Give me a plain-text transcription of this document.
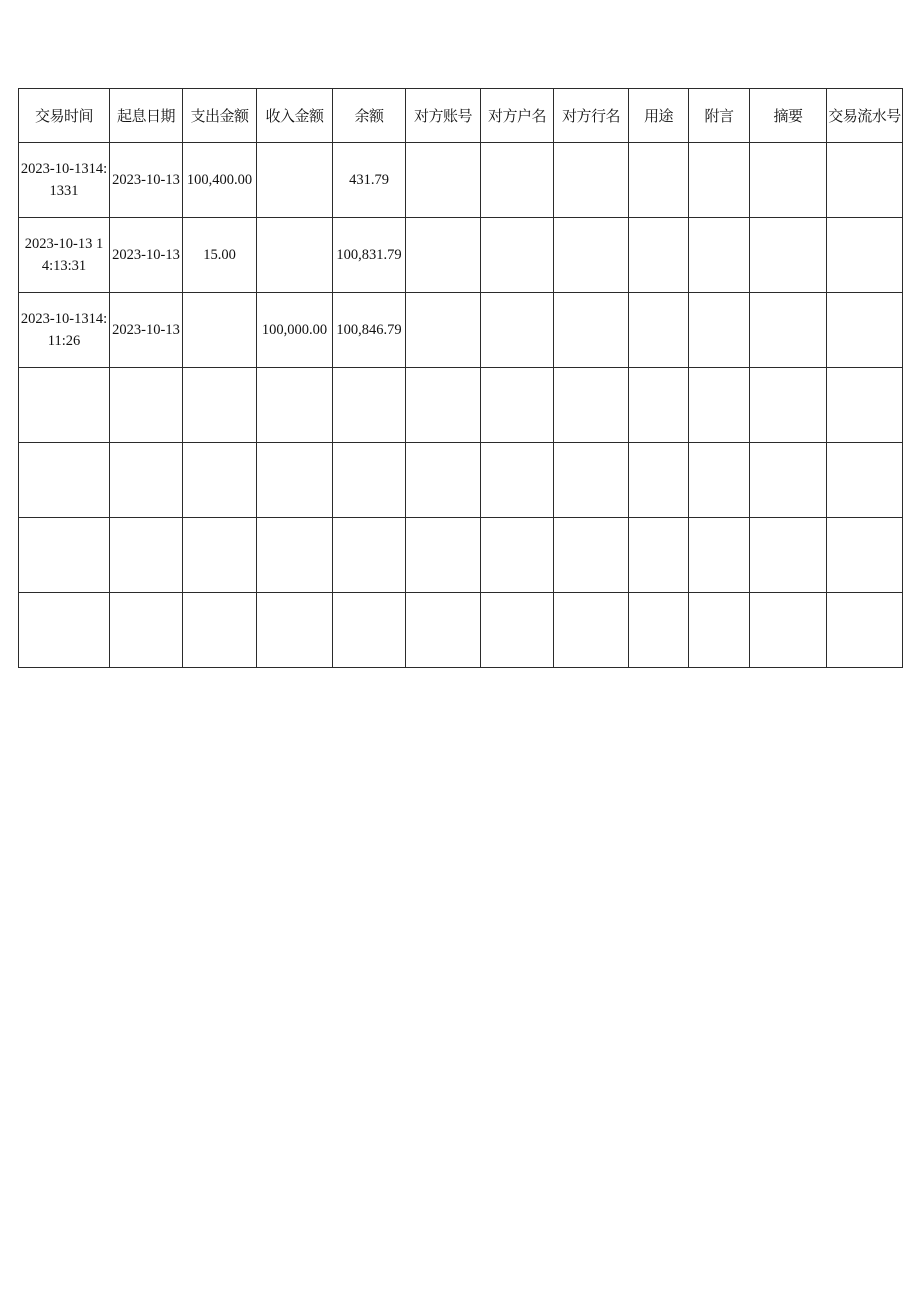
交易时间	起息日期	支出金额	收入金额	余额	对方账号	对方户名	对方行名	用途	附言	摘要	交易流水号
2023-10-1314:1331	2023-10-13	100,400.00		431.79							
2023-10-13 14:13:31	2023-10-13	15.00		100,831.79							
2023-10-1314:11:26	2023-10-13		100,000.00	100,846.79							
